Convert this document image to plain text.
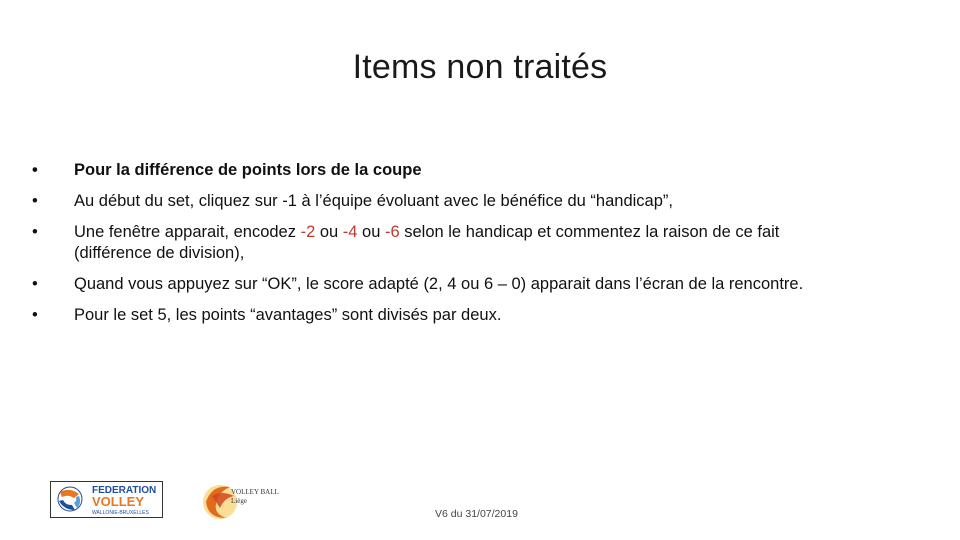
Items non traités
• Pour la différence de points lors de la coupe
• Au début du set, cliquez sur -1 à l’équipe évoluant avec le bénéfice du “handicap”,
• Une fenêtre apparait, encodez -2 ou -4 ou -6 selon le handicap et commentez la raison de ce fait
(différence de division),
• Quand vous appuyez sur “OK”, le score adapté (2, 4 ou 6 – 0) apparait dans l’écran de la rencontre.
• Pour le set 5, les points “avantages” sont divisés par deux.
FEDERATION
VOLLEY
WALLONIE-BRUXELLES
VOLLEY BALL
Liège
V6 du 31/07/2019
